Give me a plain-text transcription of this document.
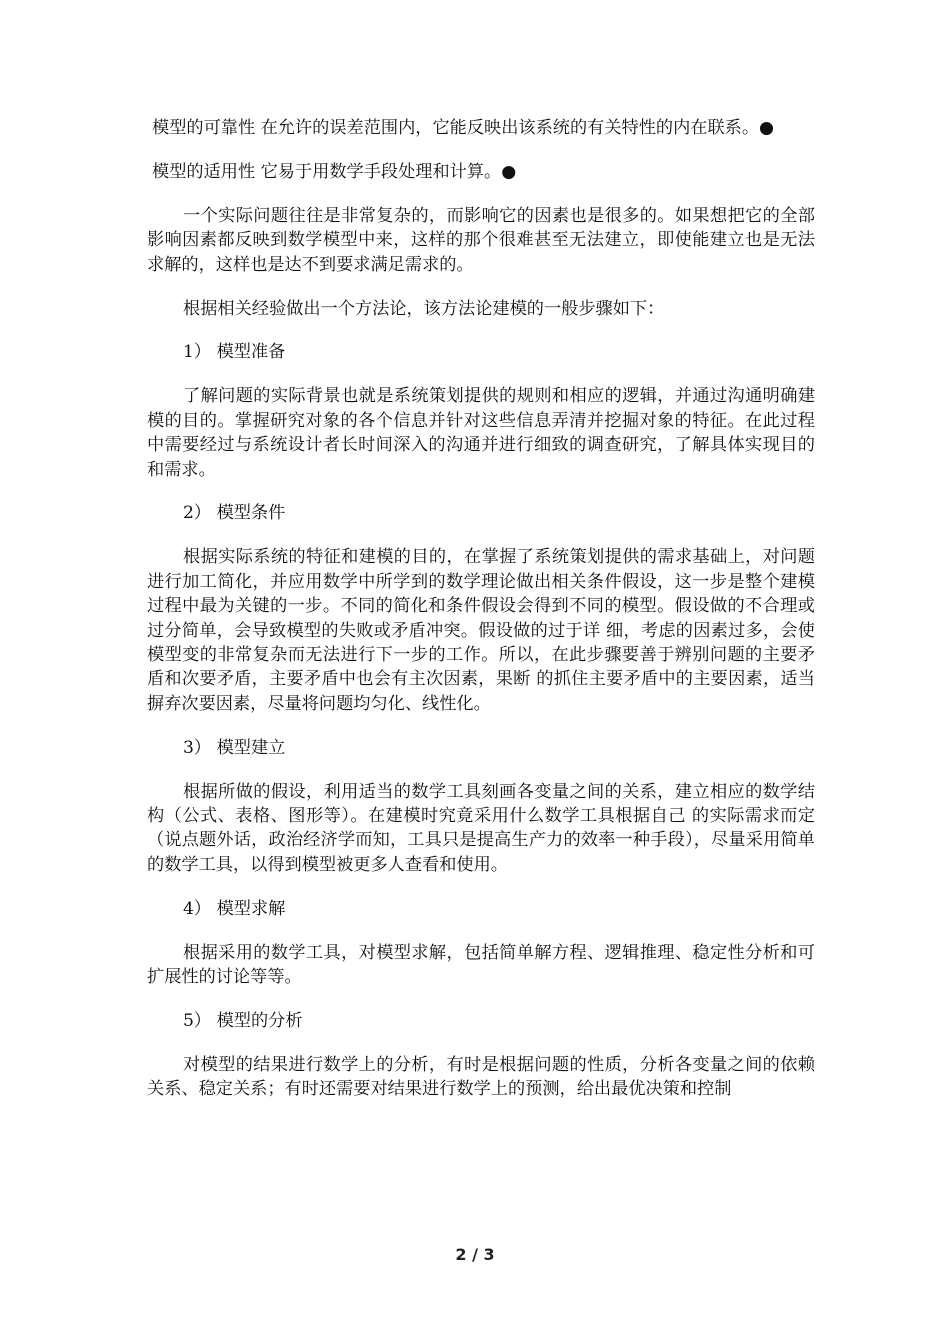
模型的可靠性 在允许的误差范围内，它能反映出该系统的有关特性的内在联系。●

模型的适用性 它易于用数学手段处理和计算。●

一个实际问题往往是非常复杂的，而影响它的因素也是很多的。如果想把它的全部影响因素都反映到数学模型中来，这样的那个很难甚至无法建立，即使能建立也是无法求解的，这样也是达不到要求满足需求的。

根据相关经验做出一个方法论，该方法论建模的一般步骤如下：

1） 模型准备

了解问题的实际背景也就是系统策划提供的规则和相应的逻辑，并通过沟通明确建模的目的。掌握研究对象的各个信息并针对这些信息弄清并挖掘对象的特征。在此过程中需要经过与系统设计者长时间深入的沟通并进行细致的调查研究，了解具体实现目的和需求。

2） 模型条件

根据实际系统的特征和建模的目的，在掌握了系统策划提供的需求基础上，对问题进行加工简化，并应用数学中所学到的数学理论做出相关条件假设，这一步是整个建模过程中最为关键的一步。不同的简化和条件假设会得到不同的模型。假设做的不合理或过分简单，会导致模型的失败或矛盾冲突。假设做的过于详 细，考虑的因素过多，会使模型变的非常复杂而无法进行下一步的工作。所以，在此步骤要善于辨别问题的主要矛盾和次要矛盾，主要矛盾中也会有主次因素，果断 的抓住主要矛盾中的主要因素，适当摒弃次要因素，尽量将问题均匀化、线性化。

3） 模型建立

根据所做的假设，利用适当的数学工具刻画各变量之间的关系，建立相应的数学结构（公式、表格、图形等）。在建模时究竟采用什么数学工具根据自己 的实际需求而定（说点题外话，政治经济学而知，工具只是提高生产力的效率一种手段），尽量采用简单的数学工具，以得到模型被更多人查看和使用。

4） 模型求解

根据采用的数学工具，对模型求解，包括简单解方程、逻辑推理、稳定性分析和可扩展性的讨论等等。

5） 模型的分析

对模型的结果进行数学上的分析，有时是根据问题的性质，分析各变量之间的依赖关系、稳定关系；有时还需要对结果进行数学上的预测，给出最优决策和控制

2 / 3
